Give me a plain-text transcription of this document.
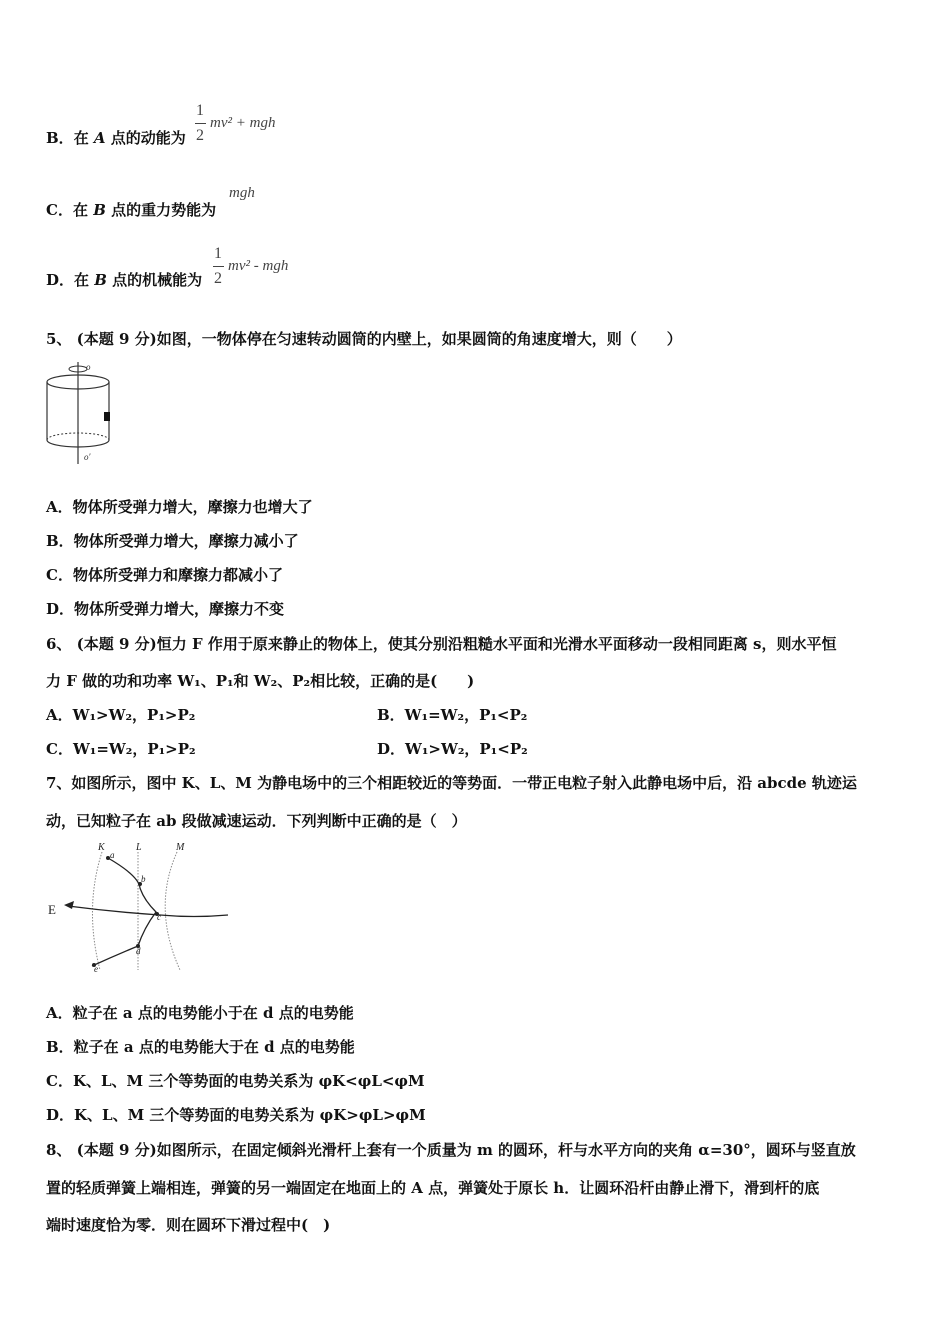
B．在 A 点的动能为
1
2
mv² + mgh
C．在 B 点的重力势能为
mgh
D．在 B 点的机械能为
1
2
mv² - mgh
5、 (本题 9 分)如图，一物体停在匀速转动圆筒的内壁上，如果圆筒的角速度增大，则（　　）
o
o′
A．物体所受弹力增大，摩擦力也增大了
B．物体所受弹力增大，摩擦力减小了
C．物体所受弹力和摩擦力都减小了
D．物体所受弹力增大，摩擦力不变
6、 (本题 9 分)恒力 F 作用于原来静止的物体上，使其分别沿粗糙水平面和光滑水平面移动一段相同距离 s，则水平恒
力 F 做的功和功率 W₁、P₁和 W₂、P₂相比较，正确的是(　　)
A．W₁>W₂，P₁>P₂	B．W₁=W₂，P₁<P₂
C．W₁=W₂，P₁>P₂	D．W₁>W₂，P₁<P₂
7、如图所示，图中 K、L、M 为静电场中的三个相距较近的等势面．一带正电粒子射入此静电场中后，沿 abcde 轨迹运
动，已知粒子在 ab 段做减速运动．下列判断中正确的是（　）
K	L	M
E
a
b
c
d
e
A．粒子在 a 点的电势能小于在 d 点的电势能
B．粒子在 a 点的电势能大于在 d 点的电势能
C．K、L、M 三个等势面的电势关系为 φK<φL<φM
D．K、L、M 三个等势面的电势关系为 φK>φL>φM
8、 (本题 9 分)如图所示，在固定倾斜光滑杆上套有一个质量为 m 的圆环，杆与水平方向的夹角 α=30°，圆环与竖直放
置的轻质弹簧上端相连，弹簧的另一端固定在地面上的 A 点，弹簧处于原长 h．让圆环沿杆由静止滑下，滑到杆的底
端时速度恰为零．则在圆环下滑过程中(　)
